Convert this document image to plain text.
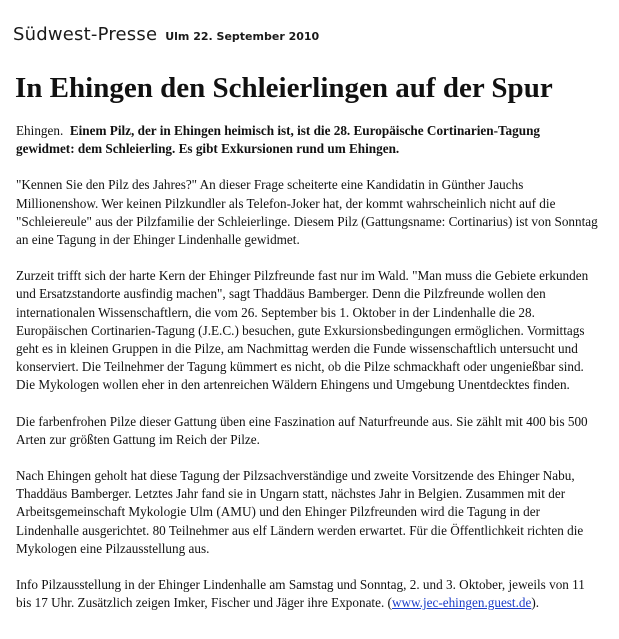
Südwest-Presse Ulm 22. September 2010
In Ehingen den Schleierlingen auf der Spur

Ehingen. Einem Pilz, der in Ehingen heimisch ist, ist die 28. Europäische Cortinarien-Tagung gewidmet: dem Schleierling. Es gibt Exkursionen rund um Ehingen.

"Kennen Sie den Pilz des Jahres?" An dieser Frage scheiterte eine Kandidatin in Günther Jauchs Millionenshow. Wer keinen Pilzkundler als Telefon-Joker hat, der kommt wahrscheinlich nicht auf die "Schleiereule" aus der Pilzfamilie der Schleierlinge. Diesem Pilz (Gattungsname: Cortinarius) ist von Sonntag an eine Tagung in der Ehinger Lindenhalle gewidmet.

Zurzeit trifft sich der harte Kern der Ehinger Pilzfreunde fast nur im Wald. "Man muss die Gebiete erkunden und Ersatzstandorte ausfindig machen", sagt Thaddäus Bamberger. Denn die Pilzfreunde wollen den internationalen Wissenschaftlern, die vom 26. September bis 1. Oktober in der Lindenhalle die 28. Europäischen Cortinarien-Tagung (J.E.C.) besuchen, gute Exkursionsbedingungen ermöglichen. Vormittags geht es in kleinen Gruppen in die Pilze, am Nachmittag werden die Funde wissenschaftlich untersucht und konserviert. Die Teilnehmer der Tagung kümmert es nicht, ob die Pilze schmackhaft oder ungenießbar sind. Die Mykologen wollen eher in den artenreichen Wäldern Ehingens und Umgebung Unentdecktes finden.

Die farbenfrohen Pilze dieser Gattung üben eine Faszination auf Naturfreunde aus. Sie zählt mit 400 bis 500 Arten zur größten Gattung im Reich der Pilze.

Nach Ehingen geholt hat diese Tagung der Pilzsachverständige und zweite Vorsitzende des Ehinger Nabu, Thaddäus Bamberger. Letztes Jahr fand sie in Ungarn statt, nächstes Jahr in Belgien. Zusammen mit der Arbeitsgemeinschaft Mykologie Ulm (AMU) und den Ehinger Pilzfreunden wird die Tagung in der Lindenhalle ausgerichtet. 80 Teilnehmer aus elf Ländern werden erwartet. Für die Öffentlichkeit richten die Mykologen eine Pilzausstellung aus.

Info Pilzausstellung in der Ehinger Lindenhalle am Samstag und Sonntag, 2. und 3. Oktober, jeweils von 11 bis 17 Uhr. Zusätzlich zeigen Imker, Fischer und Jäger ihre Exponate. (www.jec-ehingen.guest.de).
